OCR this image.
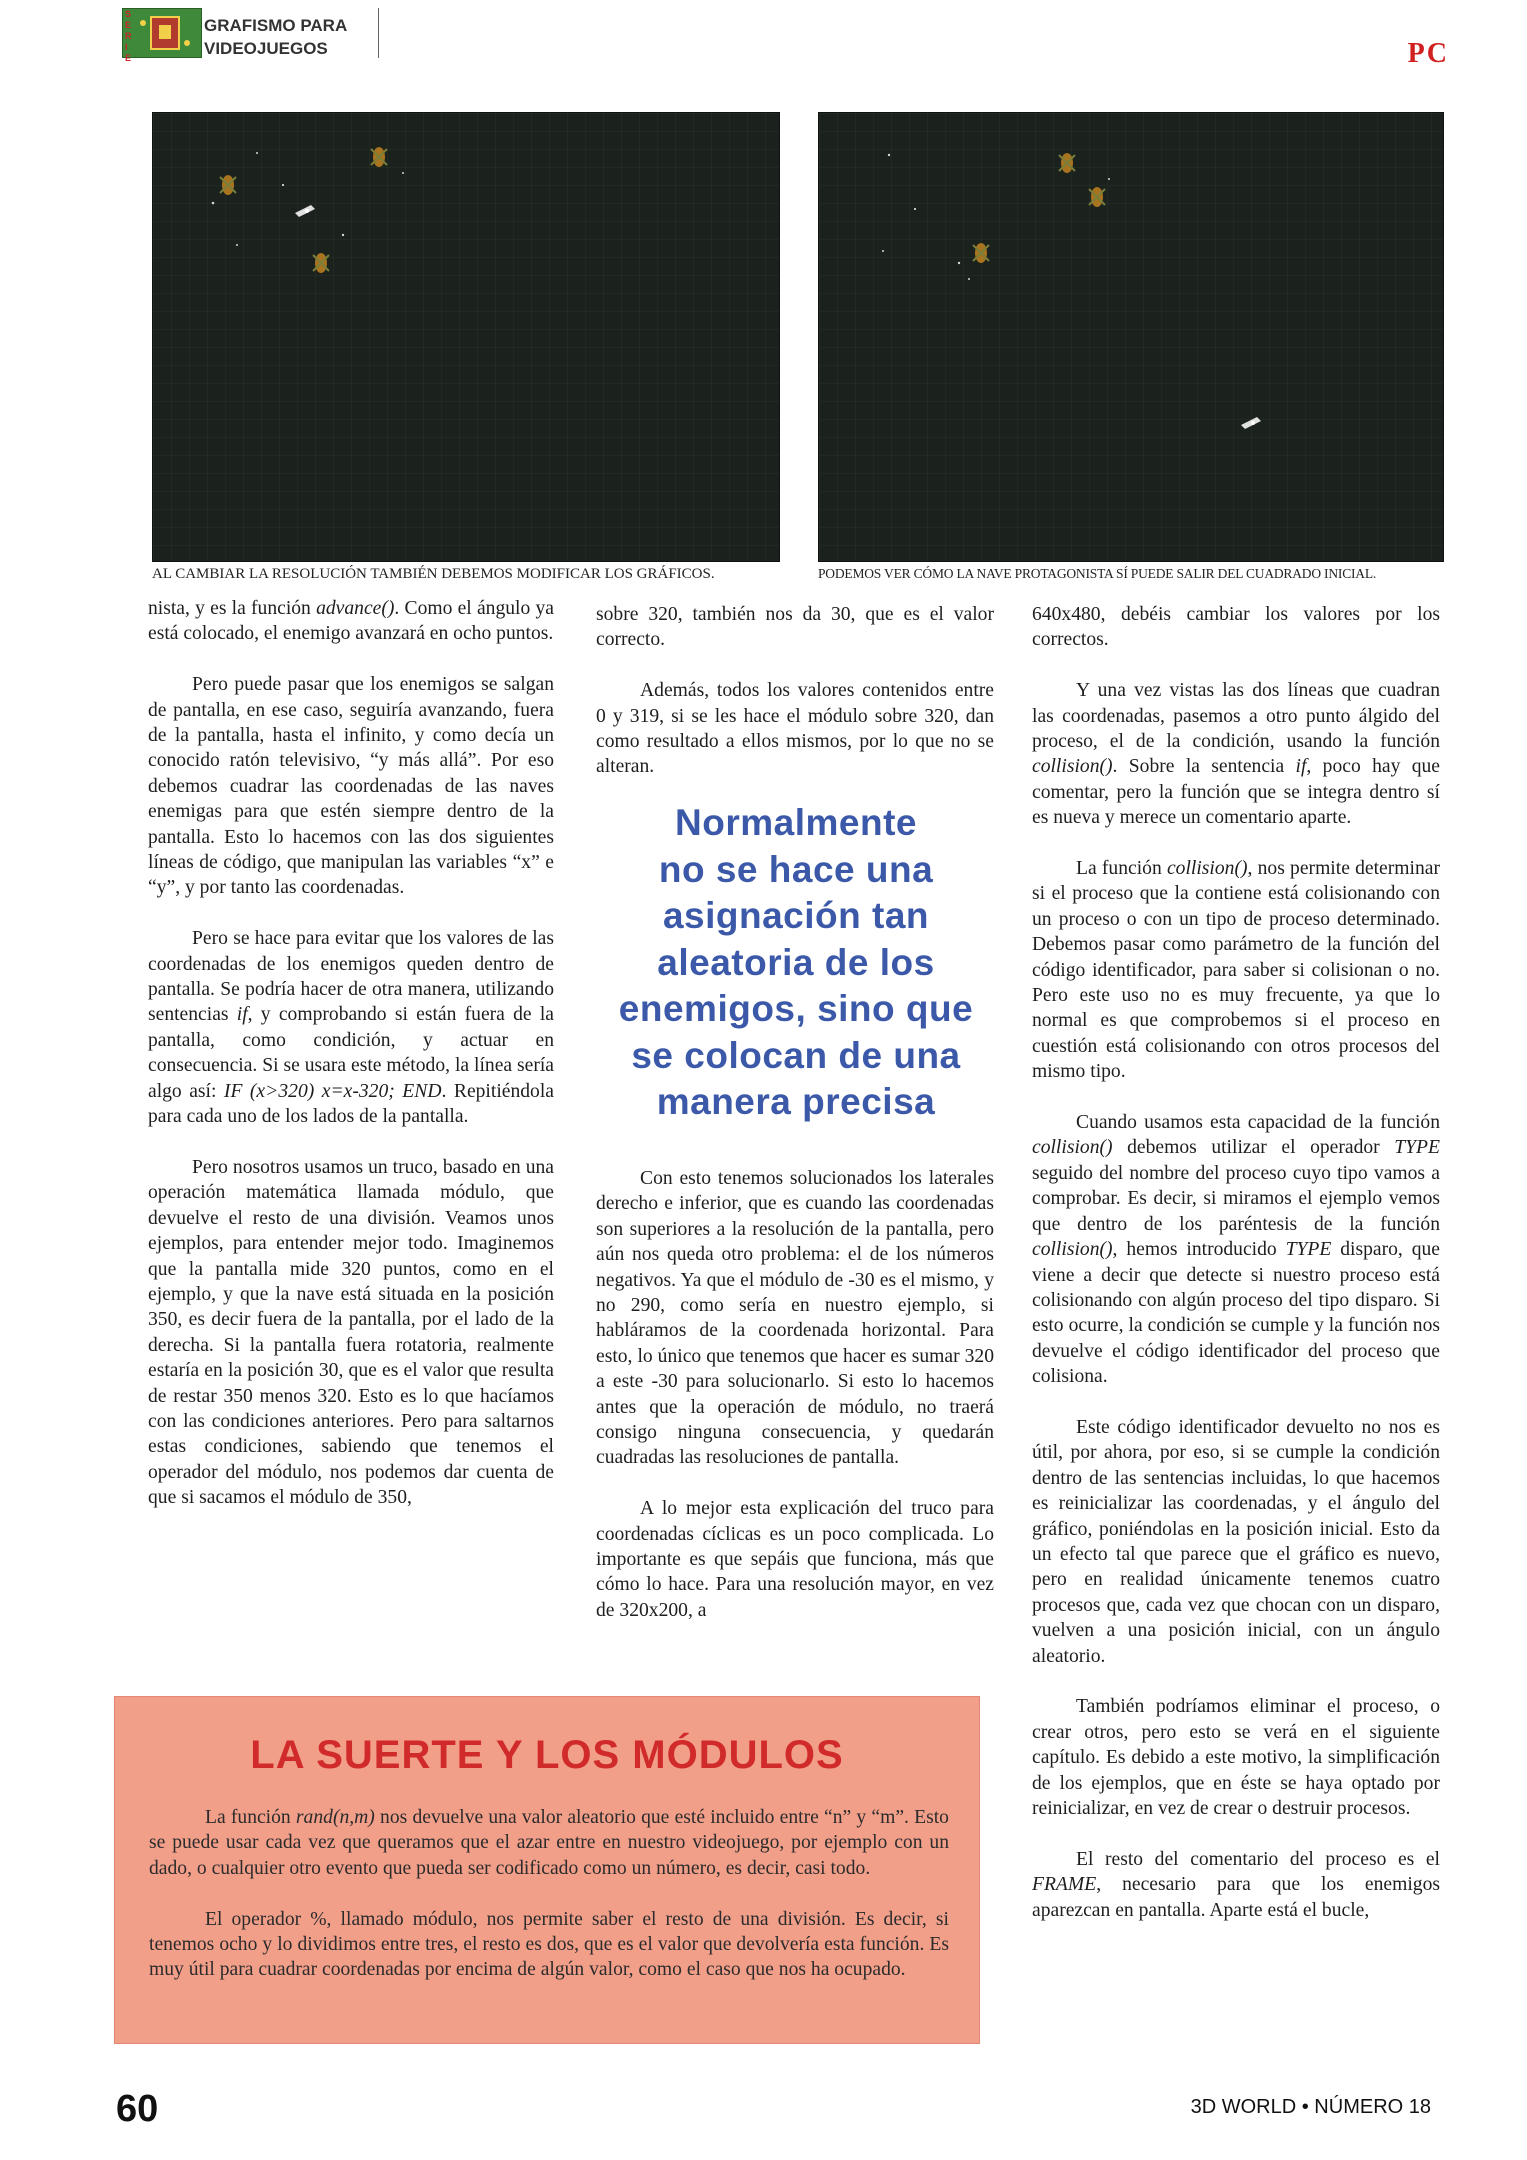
S
E
R
I
E
GRAFISMO PARA
VIDEOJUEGOS	PC
AL CAMBIAR LA RESOLUCIÓN TAMBIÉN DEBEMOS MODIFICAR LOS GRÁFICOS.	PODEMOS VER CÓMO LA NAVE PROTAGONISTA SÍ PUEDE SALIR DEL CUADRADO INICIAL.

nista, y es la función advance(). Como el ángulo ya está colocado, el enemigo avanzará en ocho puntos.

Pero puede pasar que los enemigos se salgan de pantalla, en ese caso, seguiría avanzando, fuera de la pantalla, hasta el infinito, y como decía un conocido ratón televisivo, “y más allá”. Por eso debemos cuadrar las coordenadas de las naves enemigas para que estén siempre dentro de la pantalla. Esto lo hacemos con las dos siguientes líneas de código, que manipulan las variables “x” e “y”, y por tanto las coordenadas.

Pero se hace para evitar que los valores de las coordenadas de los enemigos queden dentro de pantalla. Se podría hacer de otra manera, utilizando sentencias if, y comprobando si están fuera de la pantalla, como condición, y actuar en consecuencia. Si se usara este método, la línea sería algo así: IF (x>320) x=x-320; END. Repitiéndola para cada uno de los lados de la pantalla.

Pero nosotros usamos un truco, basado en una operación matemática llamada módulo, que devuelve el resto de una división. Veamos unos ejemplos, para entender mejor todo. Imaginemos que la pantalla mide 320 puntos, como en el ejemplo, y que la nave está situada en la posición 350, es decir fuera de la pantalla, por el lado de la derecha. Si la pantalla fuera rotatoria, realmente estaría en la posición 30, que es el valor que resulta de restar 350 menos 320. Esto es lo que hacíamos con las condiciones anteriores. Pero para saltarnos estas condiciones, sabiendo que tenemos el operador del módulo, nos podemos dar cuenta de que si sacamos el módulo de 350,

sobre 320, también nos da 30, que es el valor correcto.

Además, todos los valores contenidos entre 0 y 319, si se les hace el módulo sobre 320, dan como resultado a ellos mismos, por lo que no se alteran.

Normalmente
no se hace una
asignación tan
aleatoria de los
enemigos, sino que
se colocan de una
manera precisa

Con esto tenemos solucionados los laterales derecho e inferior, que es cuando las coordenadas son superiores a la resolución de la pantalla, pero aún nos queda otro problema: el de los números negativos. Ya que el módulo de -30 es el mismo, y no 290, como sería en nuestro ejemplo, si habláramos de la coordenada horizontal. Para esto, lo único que tenemos que hacer es sumar 320 a este -30 para solucionarlo. Si esto lo hacemos antes que la operación de módulo, no traerá consigo ninguna consecuencia, y quedarán cuadradas las resoluciones de pantalla.

A lo mejor esta explicación del truco para coordenadas cíclicas es un poco complicada. Lo importante es que sepáis que funciona, más que cómo lo hace. Para una resolución mayor, en vez de 320x200, a

640x480, debéis cambiar los valores por los correctos.

Y una vez vistas las dos líneas que cuadran las coordenadas, pasemos a otro punto álgido del proceso, el de la condición, usando la función collision(). Sobre la sentencia if, poco hay que comentar, pero la función que se integra dentro sí es nueva y merece un comentario aparte.

La función collision(), nos permite determinar si el proceso que la contiene está colisionando con un proceso o con un tipo de proceso determinado. Debemos pasar como parámetro de la función del código identificador, para saber si colisionan o no. Pero este uso no es muy frecuente, ya que lo normal es que comprobemos si el proceso en cuestión está colisionando con otros procesos del mismo tipo.

Cuando usamos esta capacidad de la función collision() debemos utilizar el operador TYPE seguido del nombre del proceso cuyo tipo vamos a comprobar. Es decir, si miramos el ejemplo vemos que dentro de los paréntesis de la función collision(), hemos introducido TYPE disparo, que viene a decir que detecte si nuestro proceso está colisionando con algún proceso del tipo disparo. Si esto ocurre, la condición se cumple y la función nos devuelve el código identificador del proceso que colisiona.

Este código identificador devuelto no nos es útil, por ahora, por eso, si se cumple la condición dentro de las sentencias incluidas, lo que hacemos es reinicializar las coordenadas, y el ángulo del gráfico, poniéndolas en la posición inicial. Esto da un efecto tal que parece que el gráfico es nuevo, pero en realidad únicamente tenemos cuatro procesos que, cada vez que chocan con un disparo, vuelven a una posición inicial, con un ángulo aleatorio.

También podríamos eliminar el proceso, o crear otros, pero esto se verá en el siguiente capítulo. Es debido a este motivo, la simplificación de los ejemplos, que en éste se haya optado por reinicializar, en vez de crear o destruir procesos.

El resto del comentario del proceso es el FRAME, necesario para que los enemigos aparezcan en pantalla. Aparte está el bucle,

LA SUERTE Y LOS MÓDULOS

La función rand(n,m) nos devuelve una valor aleatorio que esté incluido entre “n” y “m”. Esto se puede usar cada vez que queramos que el azar entre en nuestro videojuego, por ejemplo con un dado, o cualquier otro evento que pueda ser codificado como un número, es decir, casi todo.

El operador %, llamado módulo, nos permite saber el resto de una división. Es decir, si tenemos ocho y lo dividimos entre tres, el resto es dos, que es el valor que devolvería esta función. Es muy útil para cuadrar coordenadas por encima de algún valor, como el caso que nos ha ocupado.

60	3D WORLD • NÚMERO 18
